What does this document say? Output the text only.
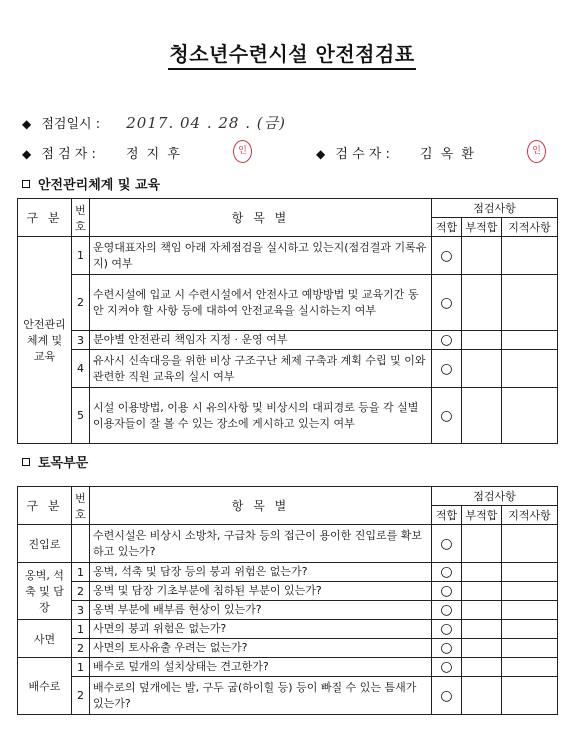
청소년수련시설 안전점검표
◆ 점검일시 : 2017. 04 . 28 . (금)
◆ 점 검 자 : 정 지 후	인	◆ 검 수 자 : 김 옥 환	인
안전관리체계 및 교육
구 분	번호	항 목 별	점검사항		
			적합	부적합	지적사항
안전관리 체계 및 교육	1	운영대표자의 책임 아래 자체점검을 실시하고 있는지(점검결과 기록유지) 여부	○		
	2	수련시설에 입교 시 수련시설에서 안전사고 예방방법 및 교육기간 동안 지켜야 할 사항 등에 대하여 안전교육을 실시하는지 여부	○		
	3	분야별 안전관리 책임자 지정 · 운영 여부	○		
	4	유사시 신속대응을 위한 비상 구조구난 체제 구축과 계획 수립 및 이와 관련한 직원 교육의 실시 여부	○		
	5	시설 이용방법, 이용 시 유의사항 및 비상시의 대피경로 등을 각 실별 이용자들이 잘 볼 수 있는 장소에 게시하고 있는지 여부	○		
토목부문
구 분	번호	항 목 별	점검사항		
			적합	부적합	지적사항
진입로		수련시설은 비상시 소방차, 구급차 등의 접근이 용이한 진입로를 확보하고 있는가?	○		
옹벽, 석축 및 담장	1	옹벽, 석축 및 담장 등의 붕괴 위험은 없는가?	○		
	2	옹벽 및 담장 기초부분에 침하된 부분이 있는가?	○		
	3	옹벽 부분에 배부름 현상이 있는가?	○		
사면	1	사면의 붕괴 위험은 없는가?	○		
	2	사면의 토사유출 우려는 없는가?	○		
배수로	1	배수로 덮개의 설치상태는 견고한가?	○		
	2	배수로의 덮개에는 발, 구두 굽(하이힐 등) 등이 빠질 수 있는 틈새가 있는가?	○		
